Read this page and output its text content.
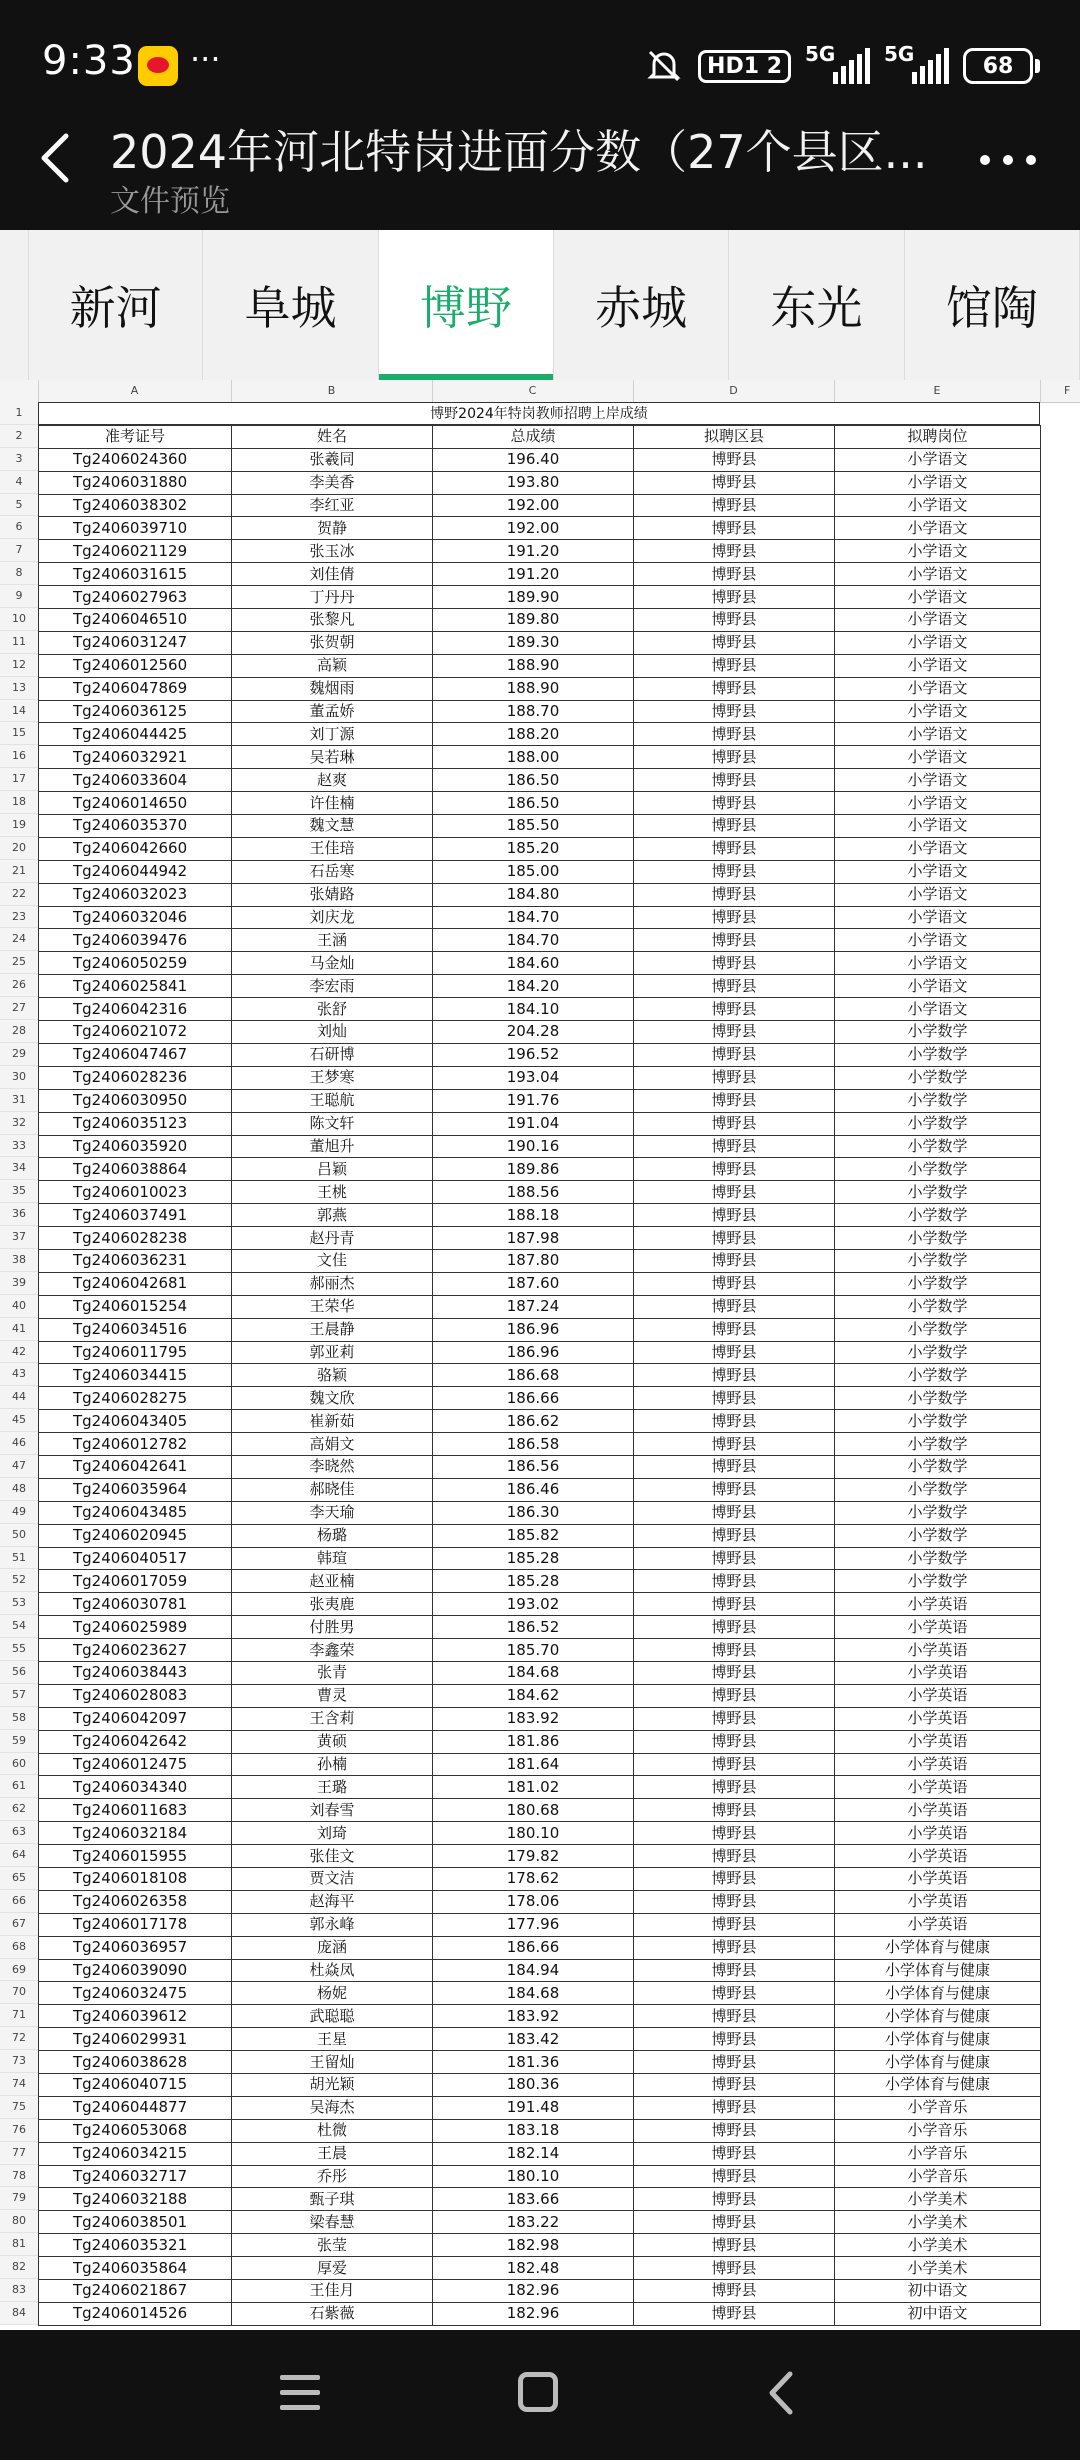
9:33 ···	HD1 2	5G 5G	68
2024年河北特岗进面分数（27个县区...
文件预览
新河	阜城	博野	赤城	东光	馆陶
A	B	C	D	E	F
1
2
3
4
5
6
7
8
9
10
11
12
13
14
15
16
17
18
19
20
21
22
23
24
25
26
27
28
29
30
31
32
33
34
35
36
37
38
39
40
41
42
43
44
45
46
47
48
49
50
51
52
53
54
55
56
57
58
59
60
61
62
63
64
65
66
67
68
69
70
71
72
73
74
75
76
77
78
79
80
81
82
83
84
博野2024年特岗教师招聘上岸成绩
准考证号	姓名	总成绩	拟聘区县	拟聘岗位
Tg2406024360	张羲同	196.40	博野县	小学语文
Tg2406031880	李美香	193.80	博野县	小学语文
Tg2406038302	李红亚	192.00	博野县	小学语文
Tg2406039710	贺静	192.00	博野县	小学语文
Tg2406021129	张玉冰	191.20	博野县	小学语文
Tg2406031615	刘佳倩	191.20	博野县	小学语文
Tg2406027963	丁丹丹	189.90	博野县	小学语文
Tg2406046510	张黎凡	189.80	博野县	小学语文
Tg2406031247	张贺朝	189.30	博野县	小学语文
Tg2406012560	高颖	188.90	博野县	小学语文
Tg2406047869	魏烟雨	188.90	博野县	小学语文
Tg2406036125	董孟娇	188.70	博野县	小学语文
Tg2406044425	刘丁源	188.20	博野县	小学语文
Tg2406032921	吴若琳	188.00	博野县	小学语文
Tg2406033604	赵爽	186.50	博野县	小学语文
Tg2406014650	许佳楠	186.50	博野县	小学语文
Tg2406035370	魏文慧	185.50	博野县	小学语文
Tg2406042660	王佳琣	185.20	博野县	小学语文
Tg2406044942	石岳寒	185.00	博野县	小学语文
Tg2406032023	张婧路	184.80	博野县	小学语文
Tg2406032046	刘庆龙	184.70	博野县	小学语文
Tg2406039476	王涵	184.70	博野县	小学语文
Tg2406050259	马金灿	184.60	博野县	小学语文
Tg2406025841	李宏雨	184.20	博野县	小学语文
Tg2406042316	张舒	184.10	博野县	小学语文
Tg2406021072	刘灿	204.28	博野县	小学数学
Tg2406047467	石研博	196.52	博野县	小学数学
Tg2406028236	王梦寒	193.04	博野县	小学数学
Tg2406030950	王聪航	191.76	博野县	小学数学
Tg2406035123	陈文轩	191.04	博野县	小学数学
Tg2406035920	董旭升	190.16	博野县	小学数学
Tg2406038864	吕颖	189.86	博野县	小学数学
Tg2406010023	王桃	188.56	博野县	小学数学
Tg2406037491	郭燕	188.18	博野县	小学数学
Tg2406028238	赵丹青	187.98	博野县	小学数学
Tg2406036231	文佳	187.80	博野县	小学数学
Tg2406042681	郝丽杰	187.60	博野县	小学数学
Tg2406015254	王荣华	187.24	博野县	小学数学
Tg2406034516	王晨静	186.96	博野县	小学数学
Tg2406011795	郭亚莉	186.96	博野县	小学数学
Tg2406034415	骆颖	186.68	博野县	小学数学
Tg2406028275	魏文欣	186.66	博野县	小学数学
Tg2406043405	崔新茹	186.62	博野县	小学数学
Tg2406012782	高娟文	186.58	博野县	小学数学
Tg2406042641	李晓然	186.56	博野县	小学数学
Tg2406035964	郝晓佳	186.46	博野县	小学数学
Tg2406043485	李天瑜	186.30	博野县	小学数学
Tg2406020945	杨璐	185.82	博野县	小学数学
Tg2406040517	韩瑄	185.28	博野县	小学数学
Tg2406017059	赵亚楠	185.28	博野县	小学数学
Tg2406030781	张夷鹿	193.02	博野县	小学英语
Tg2406025989	付胜男	186.52	博野县	小学英语
Tg2406023627	李鑫荣	185.70	博野县	小学英语
Tg2406038443	张青	184.68	博野县	小学英语
Tg2406028083	曹灵	184.62	博野县	小学英语
Tg2406042097	王含莉	183.92	博野县	小学英语
Tg2406042642	黄硕	181.86	博野县	小学英语
Tg2406012475	孙楠	181.64	博野县	小学英语
Tg2406034340	王璐	181.02	博野县	小学英语
Tg2406011683	刘春雪	180.68	博野县	小学英语
Tg2406032184	刘琦	180.10	博野县	小学英语
Tg2406015955	张佳文	179.82	博野县	小学英语
Tg2406018108	贾文洁	178.62	博野县	小学英语
Tg2406026358	赵海平	178.06	博野县	小学英语
Tg2406017178	郭永峰	177.96	博野县	小学英语
Tg2406036957	庞涵	186.66	博野县	小学体育与健康
Tg2406039090	杜焱凤	184.94	博野县	小学体育与健康
Tg2406032475	杨妮	184.68	博野县	小学体育与健康
Tg2406039612	武聪聪	183.92	博野县	小学体育与健康
Tg2406029931	王星	183.42	博野县	小学体育与健康
Tg2406038628	王留灿	181.36	博野县	小学体育与健康
Tg2406040715	胡光颖	180.36	博野县	小学体育与健康
Tg2406044877	吴海杰	191.48	博野县	小学音乐
Tg2406053068	杜微	183.18	博野县	小学音乐
Tg2406034215	王晨	182.14	博野县	小学音乐
Tg2406032717	乔彤	180.10	博野县	小学音乐
Tg2406032188	甄子琪	183.66	博野县	小学美术
Tg2406038501	梁春慧	183.22	博野县	小学美术
Tg2406035321	张莹	182.98	博野县	小学美术
Tg2406035864	厚爱	182.48	博野县	小学美术
Tg2406021867	王佳月	182.96	博野县	初中语文
Tg2406014526	石紫薇	182.96	博野县	初中语文
